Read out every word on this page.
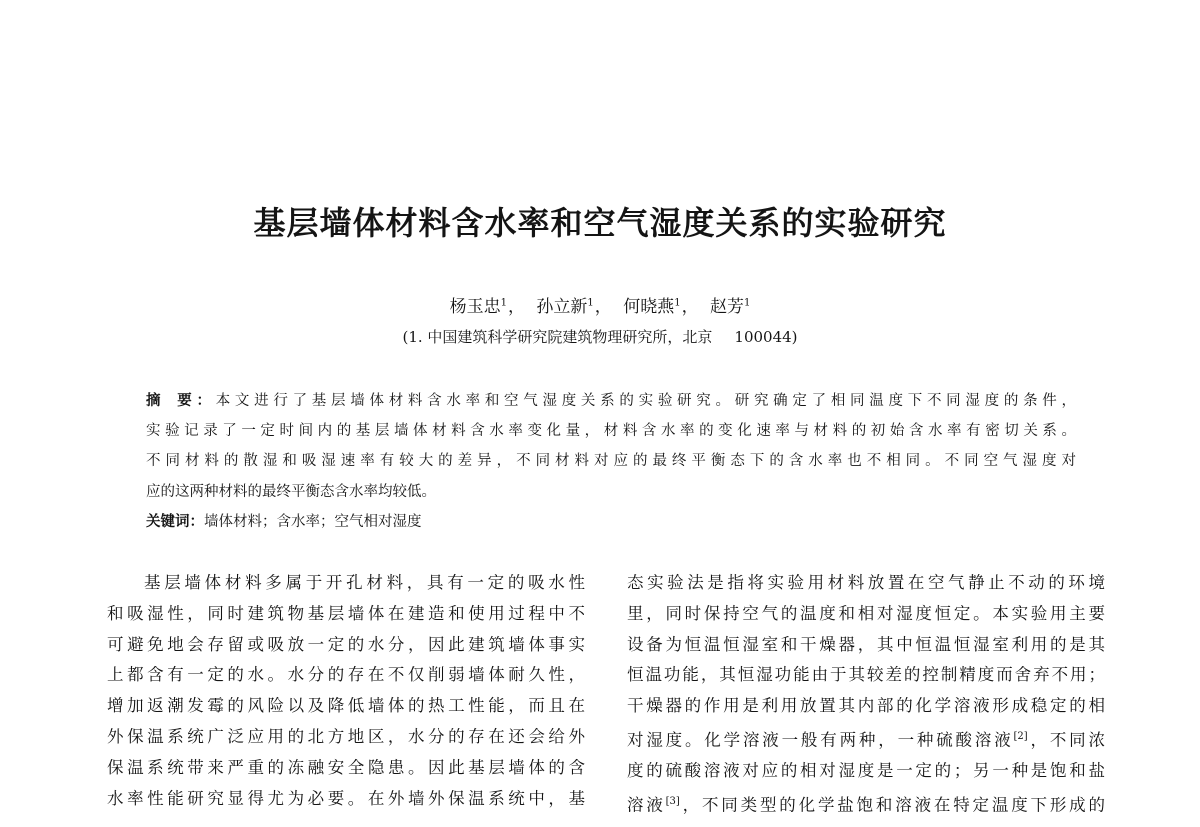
基层墙体材料含水率和空气湿度关系的实验研究

杨玉忠$^1$， 孙立新$^1$， 何晓燕$^1$， 赵芳$^1$

(1. 中国建筑科学研究院建筑物理研究所，北京 100044)

摘 要：本文进行了基层墙体材料含水率和空气湿度关系的实验研究。研究确定了相同温度下不同湿度的条件，
实验记录了一定时间内的基层墙体材料含水率变化量，材料含水率的变化速率与材料的初始含水率有密切关系。
不同材料的散湿和吸湿速率有较大的差异，不同材料对应的最终平衡态下的含水率也不相同。不同空气湿度对
应的这两种材料的最终平衡态含水率均较低。
关键词：墙体材料；含水率；空气相对湿度
基层墙体材料多属于开孔材料，具有一定的吸水性
和吸湿性，同时建筑物基层墙体在建造和使用过程中不
可避免地会存留或吸放一定的水分，因此建筑墙体事实
上都含有一定的水。水分的存在不仅削弱墙体耐久性，
增加返潮发霉的风险以及降低墙体的热工性能，而且在
外保温系统广泛应用的北方地区，水分的存在还会给外
保温系统带来严重的冻融安全隐患。因此基层墙体的含
水率性能研究显得尤为必要。在外墙外保温系统中，基
态实验法是指将实验用材料放置在空气静止不动的环境
里，同时保持空气的温度和相对湿度恒定。本实验用主要
设备为恒温恒湿室和干燥器，其中恒温恒湿室利用的是其
恒温功能，其恒湿功能由于其较差的控制精度而舍弃不用；
干燥器的作用是利用放置其内部的化学溶液形成稳定的相
对湿度。化学溶液一般有两种，一种硫酸溶液[2]，不同浓
度的硫酸溶液对应的相对湿度是一定的；另一种是饱和盐
溶液[3]，不同类型的化学盐饱和溶液在特定温度下形成的
